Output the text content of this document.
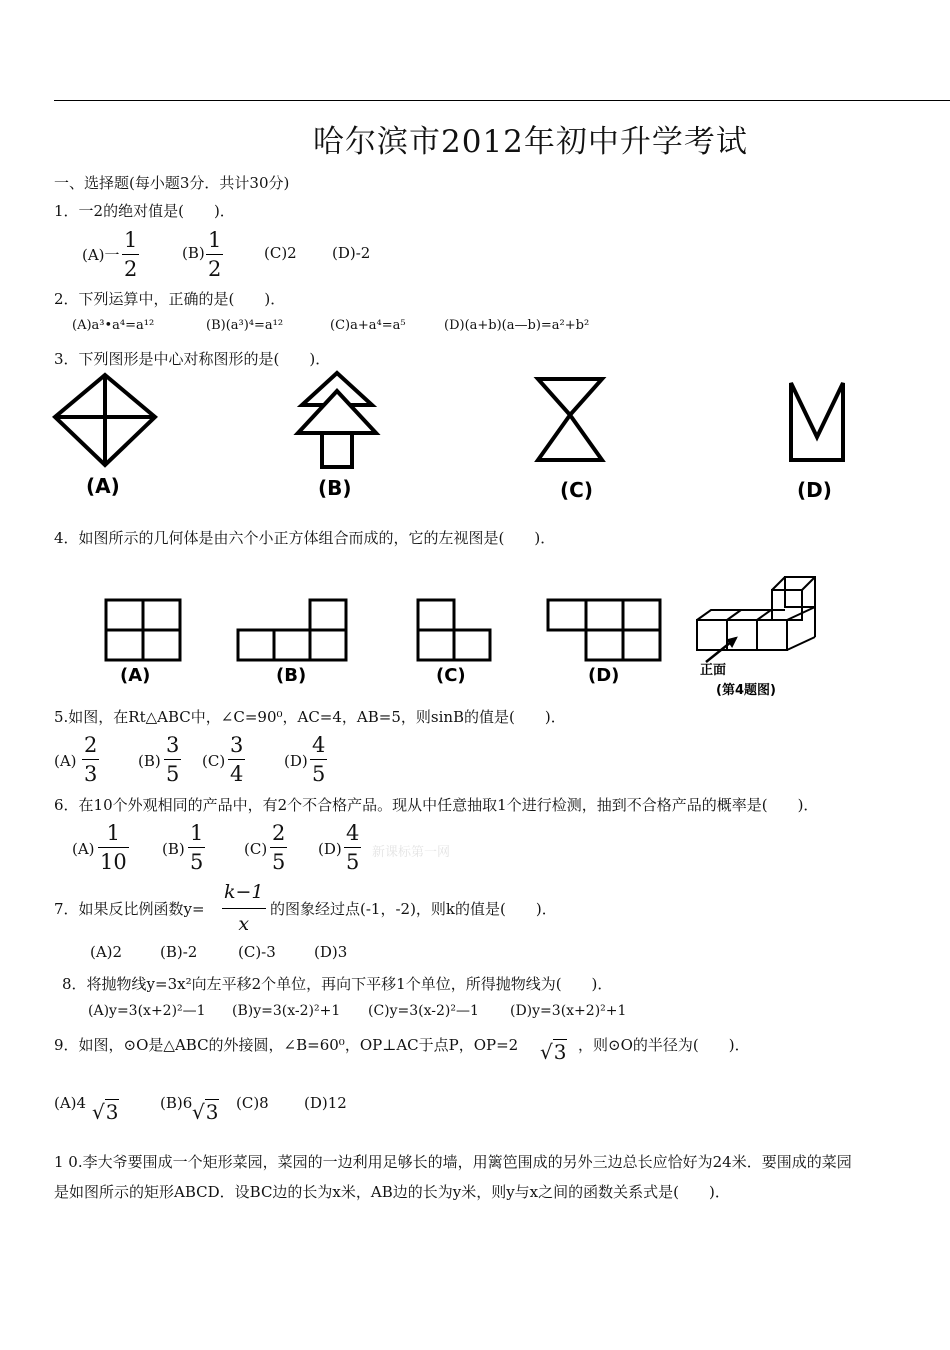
哈尔滨市2012年初中升学考试
一、选择题(每小题3分．共计30分)
1．一2的绝对值是(　　)．
(A)一
1
2
(B)
1
2
(C)2 (D)-2
2．下列运算中，正确的是(　　)．
(A)a³•a⁴=a¹²	(B)(a³)⁴=a¹²	(C)a+a⁴=a⁵	(D)(a+b)(a—b)=a²+b²
3．下列图形是中心对称图形的是(　　)．
(A)	(B)	(C)	(D)
4．如图所示的几何体是由六个小正方体组合而成的，它的左视图是(　　)．
(A)	(B)	(C)	(D)	正面
(第4题图)
5.如图，在Rt△ABC中，∠C=90⁰，AC=4，AB=5，则sinB的值是(　　)．
(A)
2
3
(B)
3
5
(C)
3
4
(D)
4
5
6．在10个外观相同的产品中，有2个不合格产品。现从中任意抽取1个进行检测，抽到不合格产品的概率是(　　)．
(A)
1
10
(B)
1
5
(C)
2
5
(D)
4
5 新课标第一网
7．如果反比例函数y=
k−1
x
的图象经过点(-1，-2)，则k的值是(　　)．
(A)2	(B)-2	(C)-3	(D)3
8．将抛物线y=3x²向左平移2个单位，再向下平移1个单位，所得抛物线为(　　)．
(A)y=3(x+2)²—1 (B)y=3(x-2)²+1 (C)y=3(x-2)²—1 (D)y=3(x+2)²+1
9．如图，⊙O是△ABC的外接圆，∠B=60⁰，OP⊥AC于点P，OP=2 √3 ，则⊙O的半径为(　　)．
(A)4 √3	(B)6 √3 (C)8 (D)12
1 0.李大爷要围成一个矩形菜园，菜园的一边利用足够长的墙，用篱笆围成的另外三边总长应恰好为24米．要围成的菜园
是如图所示的矩形ABCD．设BC边的长为x米，AB边的长为y米，则y与x之间的函数关系式是(　　)．
